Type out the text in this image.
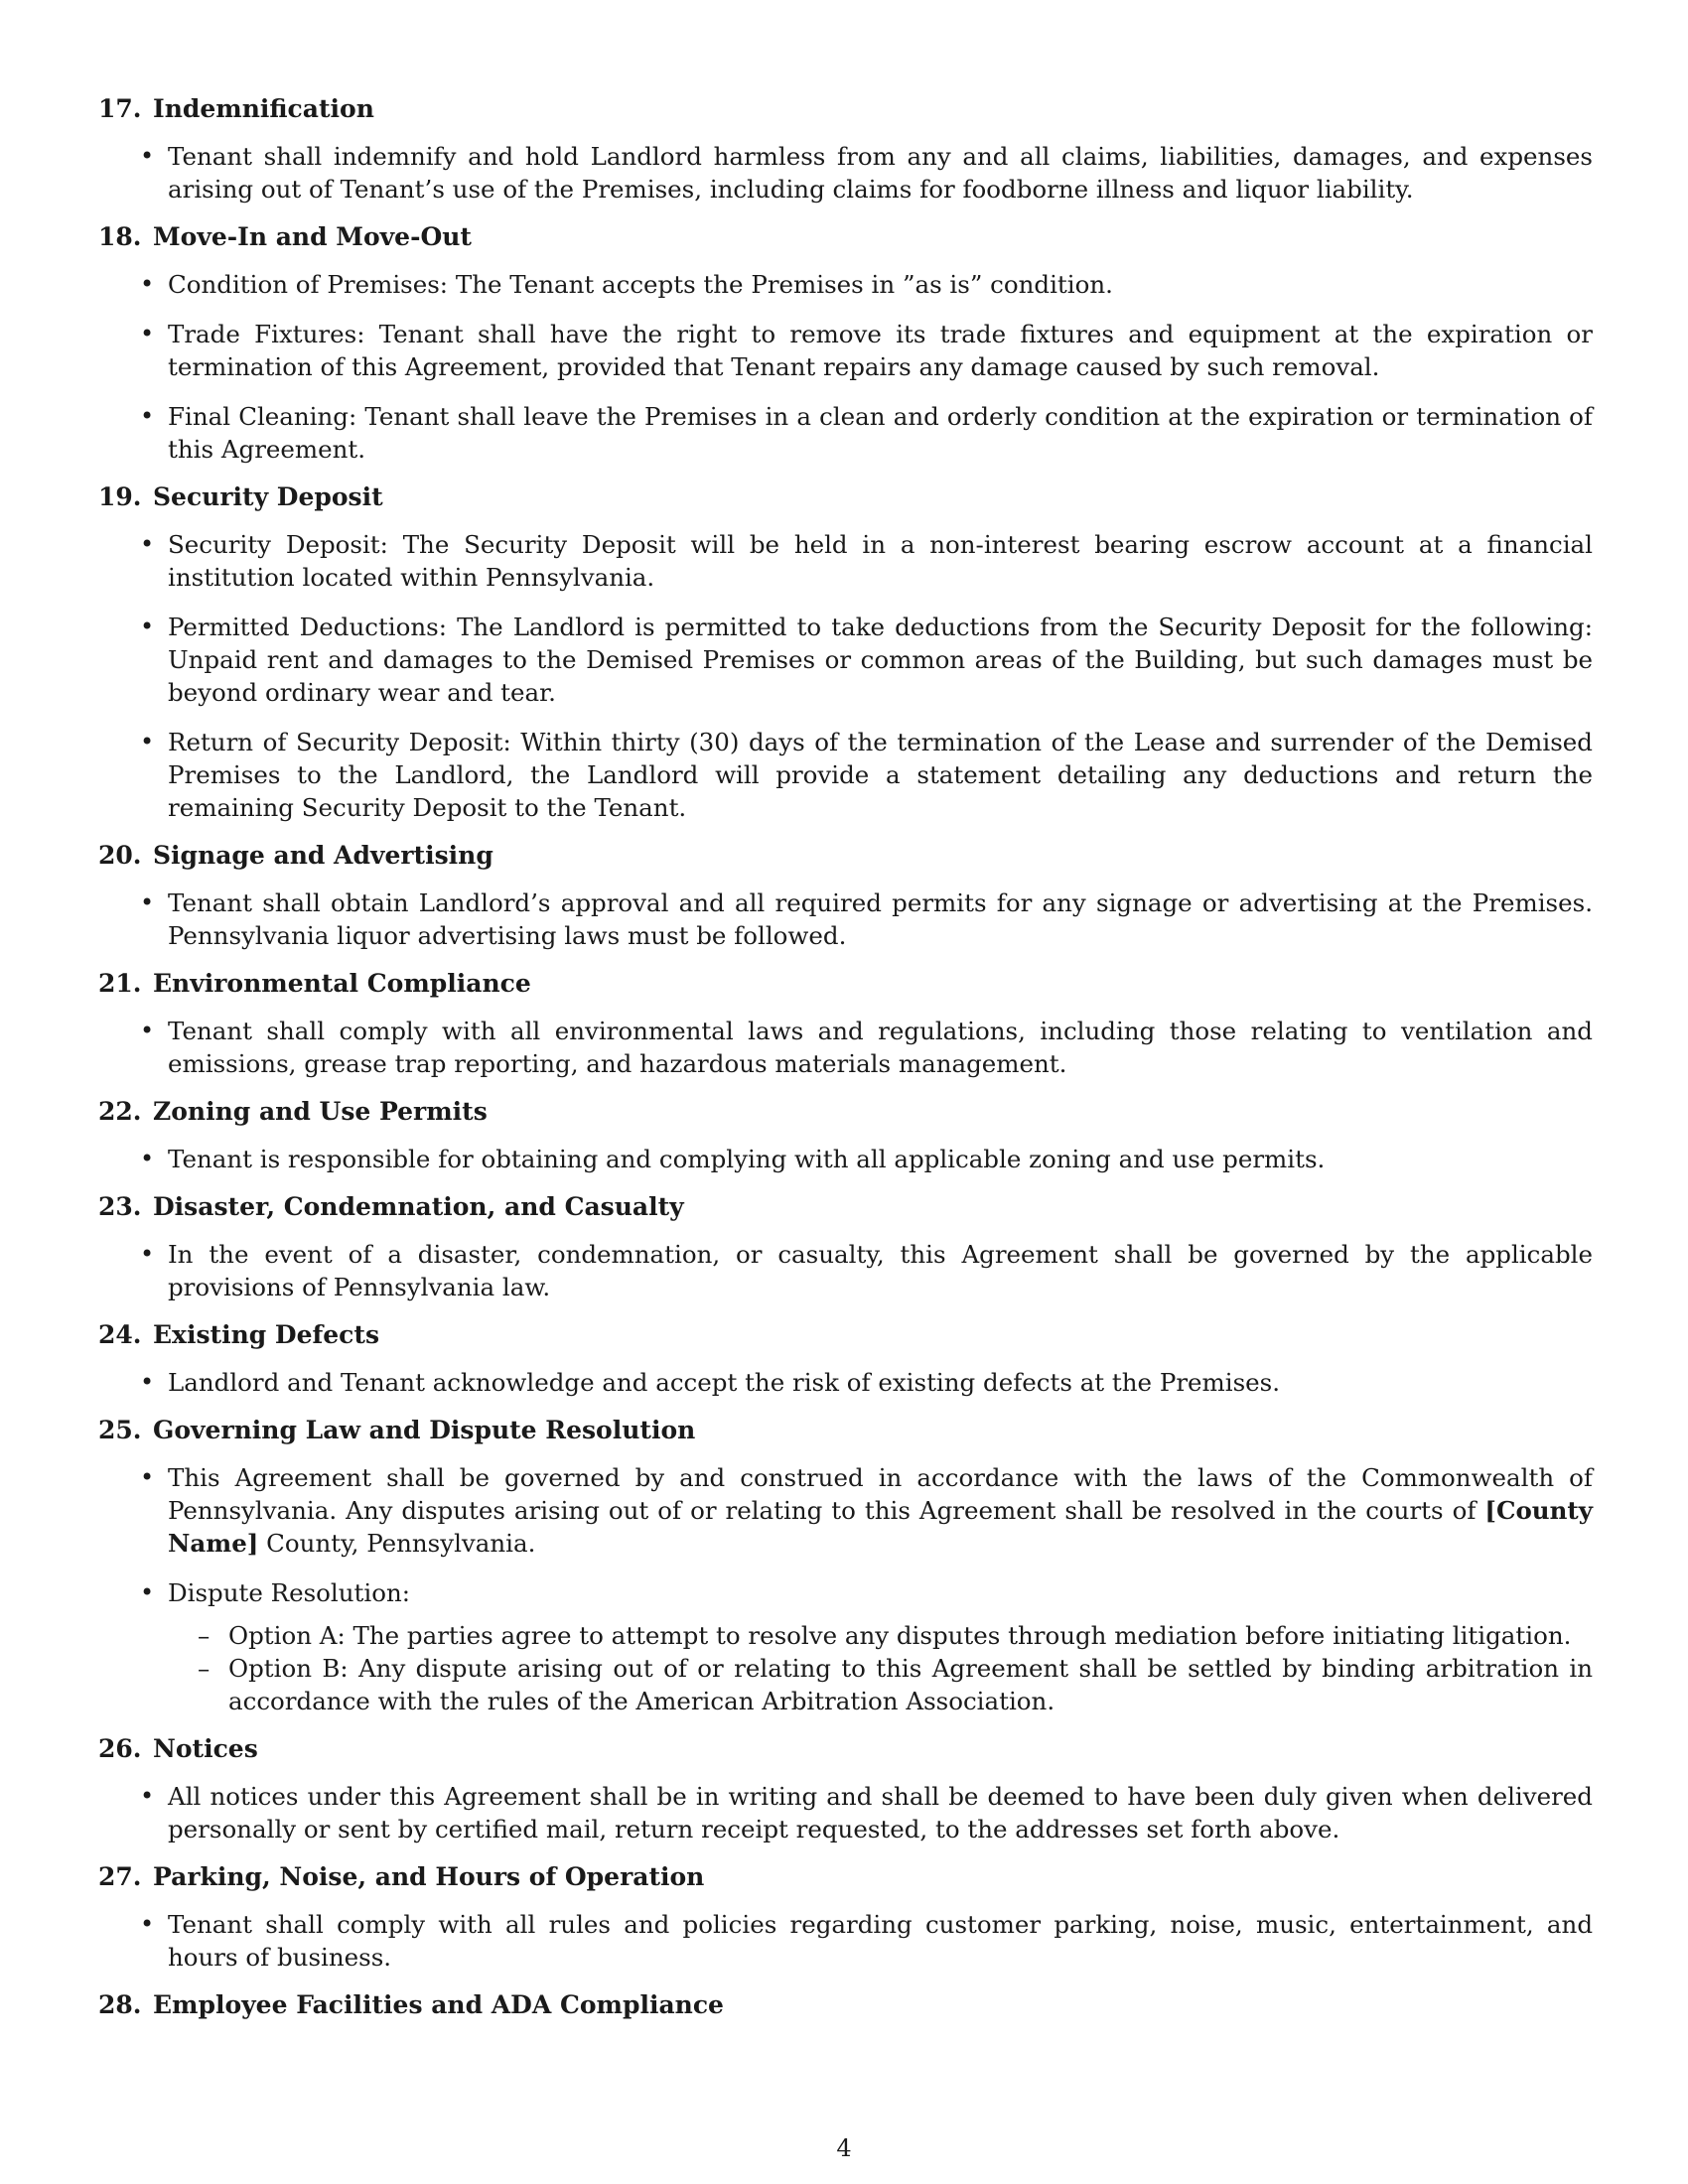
17. Indemnification
• Tenant shall indemnify and hold Landlord harmless from any and all claims, liabilities, damages, and expenses arising out of Tenant’s use of the Premises, including claims for foodborne illness and liquor liability.
18. Move-In and Move-Out
• Condition of Premises: The Tenant accepts the Premises in ”as is” condition.
• Trade Fixtures: Tenant shall have the right to remove its trade fixtures and equipment at the expiration or termination of this Agreement, provided that Tenant repairs any damage caused by such removal.
• Final Cleaning: Tenant shall leave the Premises in a clean and orderly condition at the expiration or termination of this Agreement.
19. Security Deposit
• Security Deposit: The Security Deposit will be held in a non-interest bearing escrow account at a financial institution located within Pennsylvania.
• Permitted Deductions: The Landlord is permitted to take deductions from the Security Deposit for the following: Unpaid rent and damages to the Demised Premises or common areas of the Building, but such damages must be beyond ordinary wear and tear.
• Return of Security Deposit: Within thirty (30) days of the termination of the Lease and surrender of the Demised Premises to the Landlord, the Landlord will provide a statement detailing any deductions and return the remaining Security Deposit to the Tenant.
20. Signage and Advertising
• Tenant shall obtain Landlord’s approval and all required permits for any signage or advertising at the Premises. Pennsylvania liquor advertising laws must be followed.
21. Environmental Compliance
• Tenant shall comply with all environmental laws and regulations, including those relating to ventilation and emissions, grease trap reporting, and hazardous materials management.
22. Zoning and Use Permits
• Tenant is responsible for obtaining and complying with all applicable zoning and use permits.
23. Disaster, Condemnation, and Casualty
• In the event of a disaster, condemnation, or casualty, this Agreement shall be governed by the applicable provisions of Pennsylvania law.
24. Existing Defects
• Landlord and Tenant acknowledge and accept the risk of existing defects at the Premises.
25. Governing Law and Dispute Resolution
• This Agreement shall be governed by and construed in accordance with the laws of the Commonwealth of Pennsylvania. Any disputes arising out of or relating to this Agreement shall be resolved in the courts of [County Name] County, Pennsylvania.
• Dispute Resolution:
– Option A: The parties agree to attempt to resolve any disputes through mediation before initiating litigation.
– Option B: Any dispute arising out of or relating to this Agreement shall be settled by binding arbitration in accordance with the rules of the American Arbitration Association.
26. Notices
• All notices under this Agreement shall be in writing and shall be deemed to have been duly given when delivered personally or sent by certified mail, return receipt requested, to the addresses set forth above.
27. Parking, Noise, and Hours of Operation
• Tenant shall comply with all rules and policies regarding customer parking, noise, music, entertainment, and hours of business.
28. Employee Facilities and ADA Compliance
4
